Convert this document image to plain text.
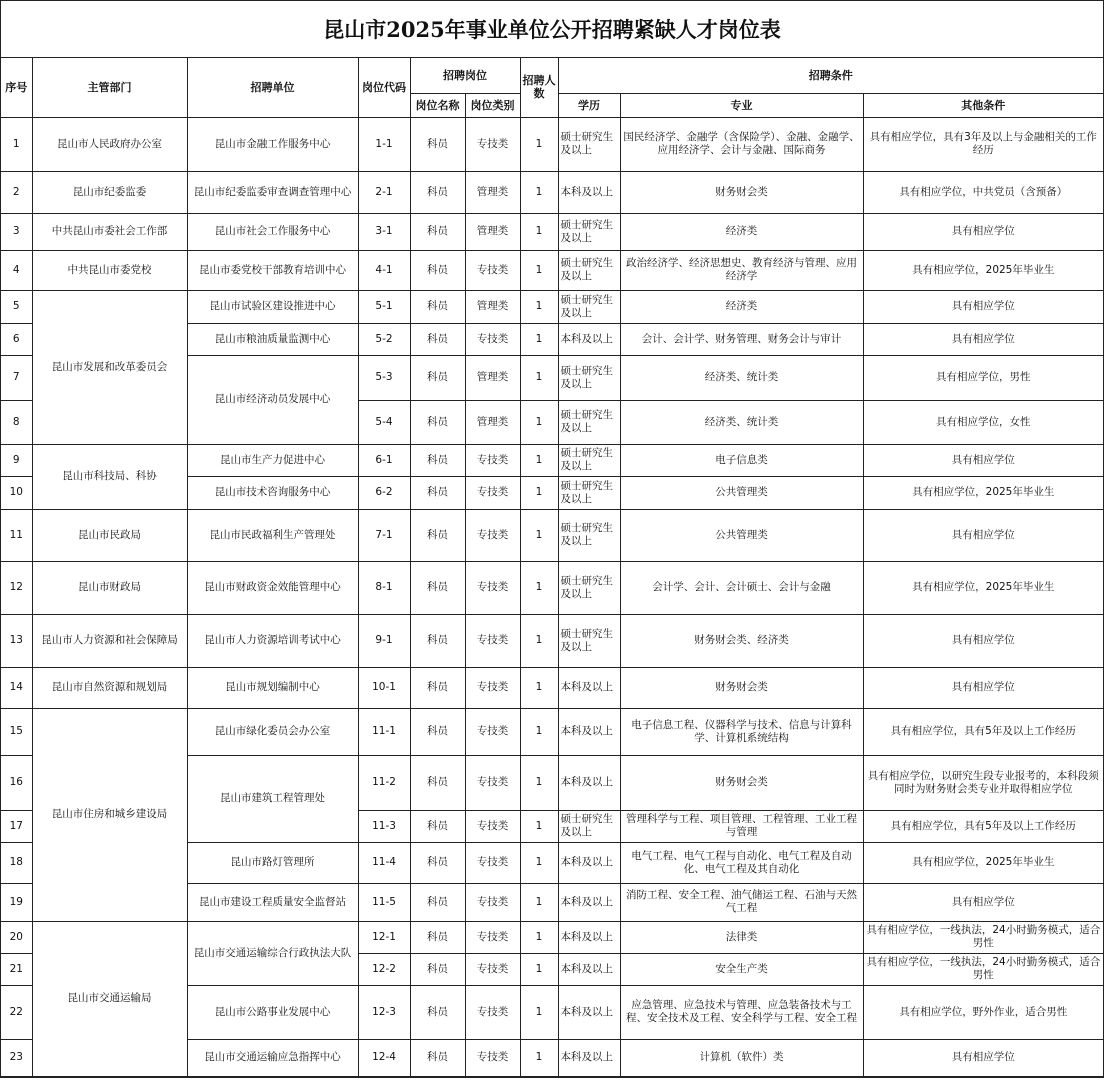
昆山市2025年事业单位公开招聘紧缺人才岗位表
序号	主管部门	招聘单位	岗位代码	招聘岗位		招聘人数	招聘条件		
				岗位名称	岗位类别		学历	专业	其他条件
1	昆山市人民政府办公室	昆山市金融工作服务中心	1-1	科员	专技类	1	硕士研究生及以上	国民经济学、金融学（含保险学）、金融、金融学、应用经济学、会计与金融、国际商务	具有相应学位，具有3年及以上与金融相关的工作经历
2	昆山市纪委监委	昆山市纪委监委审查调查管理中心	2-1	科员	管理类	1	本科及以上	财务财会类	具有相应学位，中共党员（含预备）
3	中共昆山市委社会工作部	昆山市社会工作服务中心	3-1	科员	管理类	1	硕士研究生及以上	经济类	具有相应学位
4	中共昆山市委党校	昆山市委党校干部教育培训中心	4-1	科员	专技类	1	硕士研究生及以上	政治经济学、经济思想史、教育经济与管理、应用经济学	具有相应学位，2025年毕业生
5	昆山市发展和改革委员会	昆山市试验区建设推进中心	5-1	科员	管理类	1	硕士研究生及以上	经济类	具有相应学位
6		昆山市粮油质量监测中心	5-2	科员	专技类	1	本科及以上	会计、会计学、财务管理、财务会计与审计	具有相应学位
7		昆山市经济动员发展中心	5-3	科员	管理类	1	硕士研究生及以上	经济类、统计类	具有相应学位，男性
8			5-4	科员	管理类	1	硕士研究生及以上	经济类、统计类	具有相应学位，女性
9	昆山市科技局、科协	昆山市生产力促进中心	6-1	科员	专技类	1	硕士研究生及以上	电子信息类	具有相应学位
10		昆山市技术咨询服务中心	6-2	科员	专技类	1	硕士研究生及以上	公共管理类	具有相应学位，2025年毕业生
11	昆山市民政局	昆山市民政福利生产管理处	7-1	科员	专技类	1	硕士研究生及以上	公共管理类	具有相应学位
12	昆山市财政局	昆山市财政资金效能管理中心	8-1	科员	专技类	1	硕士研究生及以上	会计学、会计、会计硕士、会计与金融	具有相应学位，2025年毕业生
13	昆山市人力资源和社会保障局	昆山市人力资源培训考试中心	9-1	科员	专技类	1	硕士研究生及以上	财务财会类、经济类	具有相应学位
14	昆山市自然资源和规划局	昆山市规划编制中心	10-1	科员	专技类	1	本科及以上	财务财会类	具有相应学位
15	昆山市住房和城乡建设局	昆山市绿化委员会办公室	11-1	科员	专技类	1	本科及以上	电子信息工程、仪器科学与技术、信息与计算科学、计算机系统结构	具有相应学位，具有5年及以上工作经历
16		昆山市建筑工程管理处	11-2	科员	专技类	1	本科及以上	财务财会类	具有相应学位，以研究生段专业报考的，本科段须同时为财务财会类专业并取得相应学位
17			11-3	科员	专技类	1	硕士研究生及以上	管理科学与工程、项目管理、工程管理、工业工程与管理	具有相应学位，具有5年及以上工作经历
18		昆山市路灯管理所	11-4	科员	专技类	1	本科及以上	电气工程、电气工程与自动化、电气工程及自动化、电气工程及其自动化	具有相应学位，2025年毕业生
19		昆山市建设工程质量安全监督站	11-5	科员	专技类	1	本科及以上	消防工程、安全工程、油气储运工程、石油与天然气工程	具有相应学位
20	昆山市交通运输局	昆山市交通运输综合行政执法大队	12-1	科员	专技类	1	本科及以上	法律类	具有相应学位，一线执法，24小时勤务模式，适合男性
21			12-2	科员	专技类	1	本科及以上	安全生产类	具有相应学位，一线执法，24小时勤务模式，适合男性
22		昆山市公路事业发展中心	12-3	科员	专技类	1	本科及以上	应急管理、应急技术与管理、应急装备技术与工程、安全技术及工程、安全科学与工程、安全工程	具有相应学位，野外作业，适合男性
23		昆山市交通运输应急指挥中心	12-4	科员	专技类	1	本科及以上	计算机（软件）类	具有相应学位
